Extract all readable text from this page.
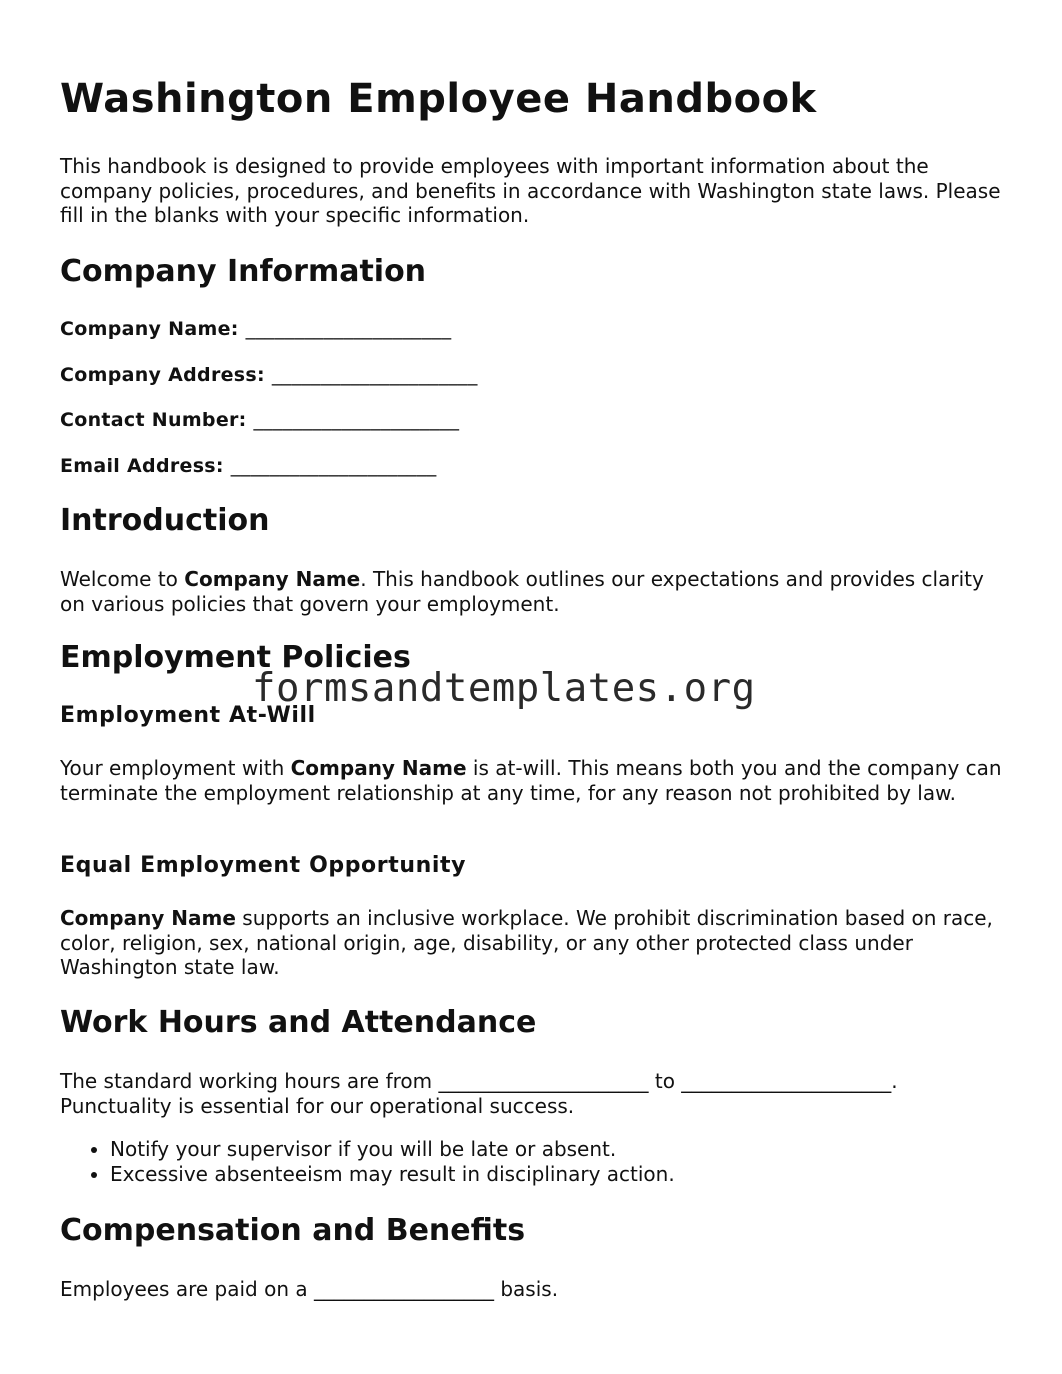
Washington Employee Handbook

This handbook is designed to provide employees with important information about the company policies, procedures, and benefits in accordance with Washington state laws. Please fill in the blanks with your specific information.

Company Information
Company Name: _____________________
Company Address: _____________________
Contact Number: _____________________
Email Address: _____________________
Introduction

Welcome to Company Name. This handbook outlines our expectations and provides clarity on various policies that govern your employment.

Employment Policies
Employment At-Will

Your employment with Company Name is at-will. This means both you and the company can terminate the employment relationship at any time, for any reason not prohibited by law.

Equal Employment Opportunity

Company Name supports an inclusive workplace. We prohibit discrimination based on race, color, religion, sex, national origin, age, disability, or any other protected class under Washington state law.

Work Hours and Attendance

The standard working hours are from _____________________ to _____________________. Punctuality is essential for our operational success.

• Notify your supervisor if you will be late or absent.
• Excessive absenteeism may result in disciplinary action.
Compensation and Benefits

Employees are paid on a __________________ basis.

formsandtemplates.org
